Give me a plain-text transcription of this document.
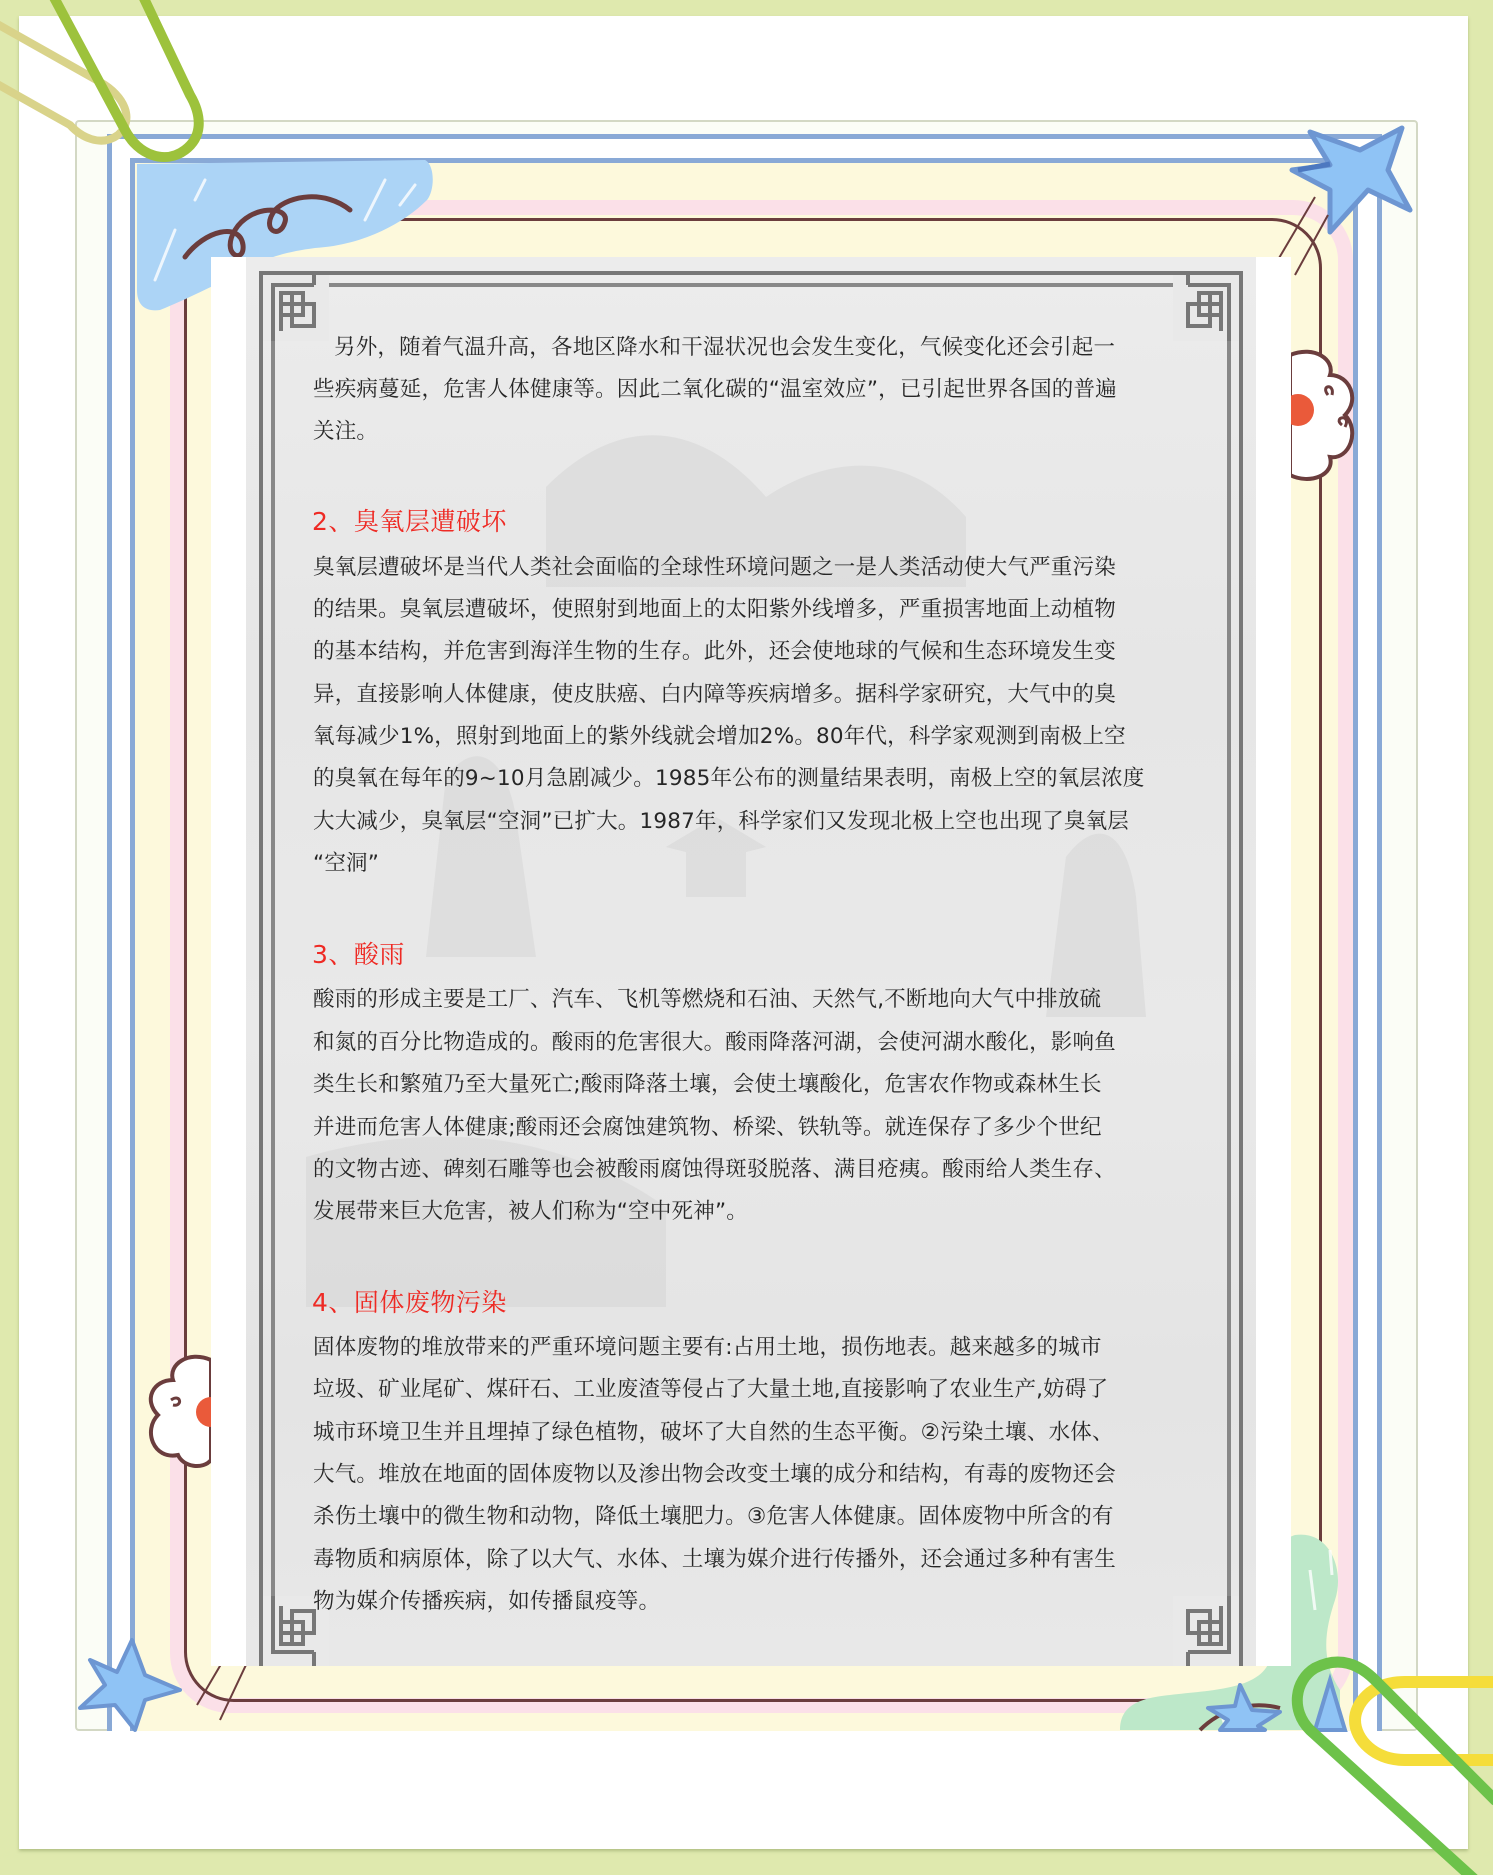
另外，随着气温升高，各地区降水和干湿状况也会发生变化，气候变化还会引起一
些疾病蔓延，危害人体健康等。因此二氧化碳的“温室效应”，已引起世界各国的普遍
关注。
2、臭氧层遭破坏
臭氧层遭破坏是当代人类社会面临的全球性环境问题之一是人类活动使大气严重污染
的结果。臭氧层遭破坏，使照射到地面上的太阳紫外线增多，严重损害地面上动植物
的基本结构，并危害到海洋生物的生存。此外，还会使地球的气候和生态环境发生变
异，直接影响人体健康，使皮肤癌、白内障等疾病增多。据科学家研究，大气中的臭
氧每减少1%，照射到地面上的紫外线就会增加2%。80年代，科学家观测到南极上空
的臭氧在每年的9~10月急剧减少。1985年公布的测量结果表明，南极上空的氧层浓度
大大减少，臭氧层“空洞”已扩大。1987年，科学家们又发现北极上空也出现了臭氧层
“空洞”
3、酸雨
酸雨的形成主要是工厂、汽车、飞机等燃烧和石油、天然气,不断地向大气中排放硫
和氮的百分比物造成的。酸雨的危害很大。酸雨降落河湖，会使河湖水酸化，影响鱼
类生长和繁殖乃至大量死亡;酸雨降落土壤，会使土壤酸化，危害农作物或森林生长
并进而危害人体健康;酸雨还会腐蚀建筑物、桥梁、铁轨等。就连保存了多少个世纪
的文物古迹、碑刻石雕等也会被酸雨腐蚀得斑驳脱落、满目疮痍。酸雨给人类生存、
发展带来巨大危害，被人们称为“空中死神”。
4、固体废物污染
固体废物的堆放带来的严重环境问题主要有:占用土地，损伤地表。越来越多的城市
垃圾、矿业尾矿、煤矸石、工业废渣等侵占了大量土地,直接影响了农业生产,妨碍了
城市环境卫生并且埋掉了绿色植物，破坏了大自然的生态平衡。②污染土壤、水体、
大气。堆放在地面的固体废物以及渗出物会改变土壤的成分和结构，有毒的废物还会
杀伤土壤中的微生物和动物，降低土壤肥力。③危害人体健康。固体废物中所含的有
毒物质和病原体，除了以大气、水体、土壤为媒介进行传播外，还会通过多种有害生
物为媒介传播疾病，如传播鼠疫等。
